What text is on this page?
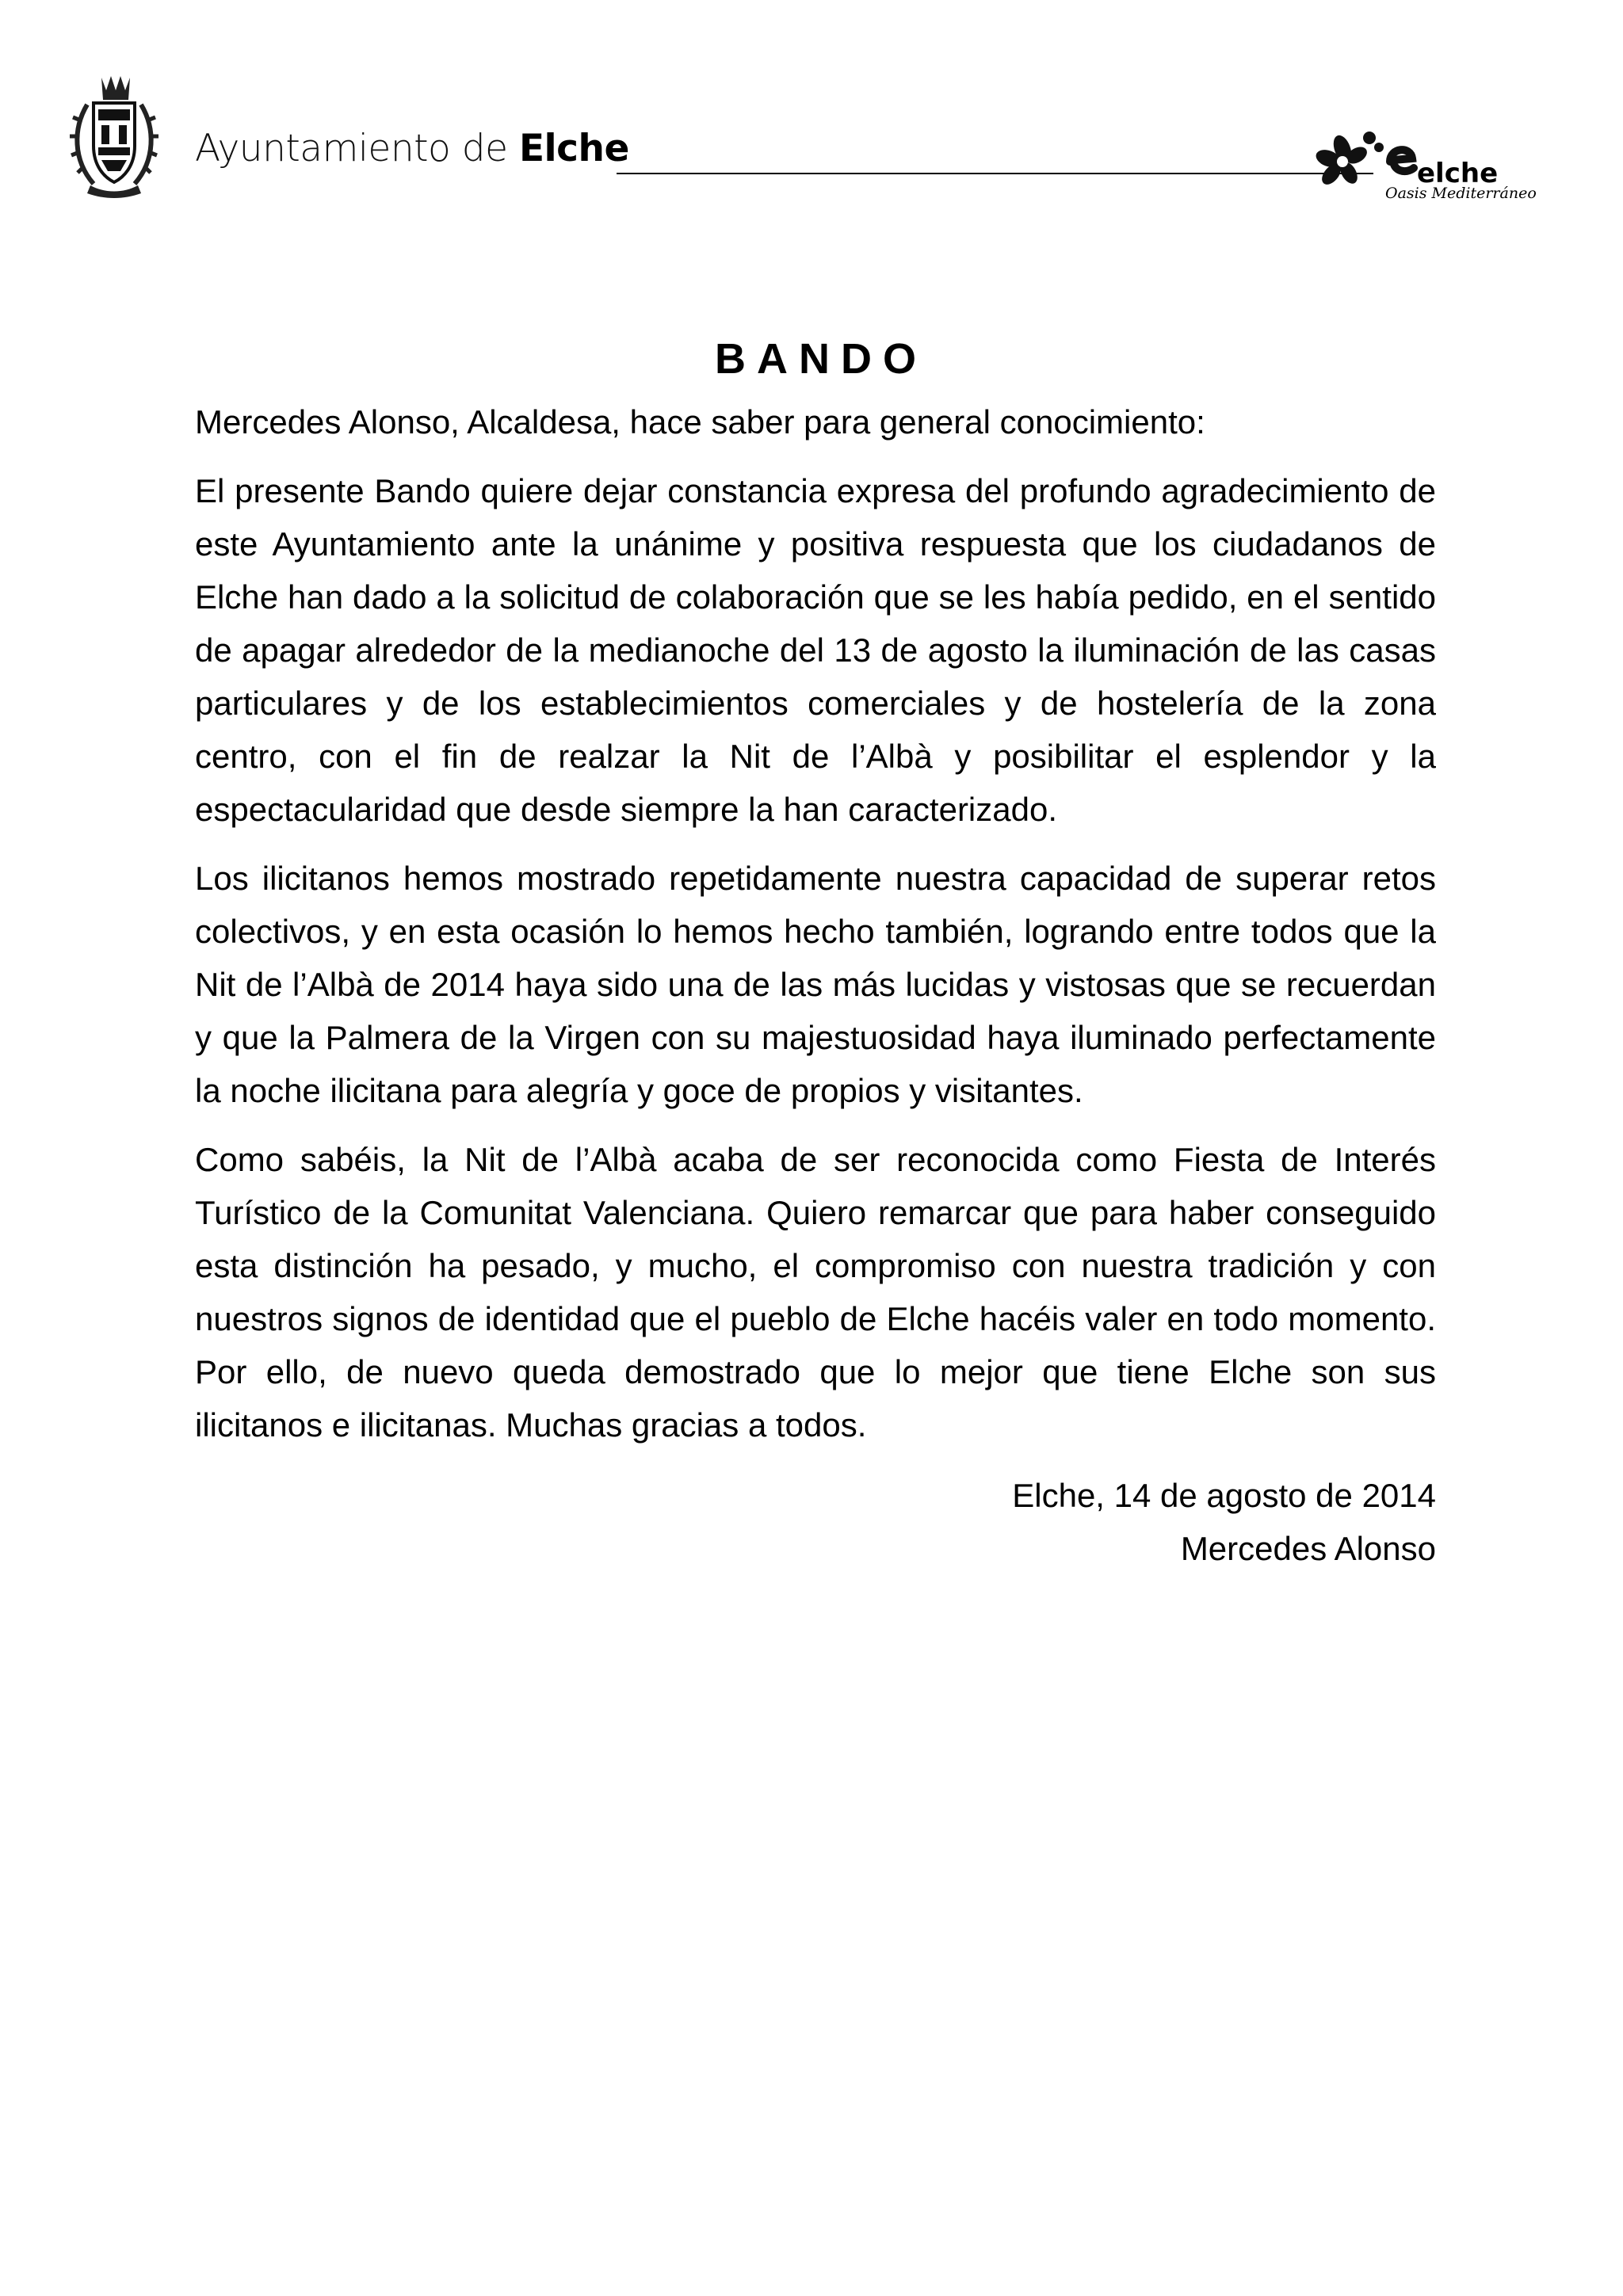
Ayuntamiento de Elche
elche
Oasis Mediterráneo
BANDO

Mercedes Alonso, Alcaldesa, hace saber para general conocimiento:

El presente Bando quiere dejar constancia expresa del profundo agradecimiento de este Ayuntamiento ante la unánime y positiva respuesta que los ciudadanos de Elche han dado a la solicitud de colaboración que se les había pedido, en el sentido de apagar alrededor de la medianoche del 13 de agosto la iluminación de las casas particulares y de los establecimientos comerciales y de hostelería de la zona centro, con el fin de realzar la Nit de l’Albà y posibilitar el esplendor y la espectacularidad que desde siempre la han caracterizado.

Los ilicitanos hemos mostrado repetidamente nuestra capacidad de superar retos colectivos, y en esta ocasión lo hemos hecho también, logrando entre todos que la Nit de l’Albà de 2014 haya sido una de las más lucidas y vistosas que se recuerdan y que la Palmera de la Virgen con su majestuosidad haya iluminado perfectamente la noche ilicitana para alegría y goce de propios y visitantes.

Como sabéis, la Nit de l’Albà acaba de ser reconocida como Fiesta de Interés Turístico de la Comunitat Valenciana. Quiero remarcar que para haber conseguido esta distinción ha pesado, y mucho, el compromiso con nuestra tradición y con nuestros signos de identidad que el pueblo de Elche hacéis valer en todo momento. Por ello, de nuevo queda demostrado que lo mejor que tiene Elche son sus ilicitanos e ilicitanas. Muchas gracias a todos.

Elche, 14 de agosto de 2014
Mercedes Alonso
